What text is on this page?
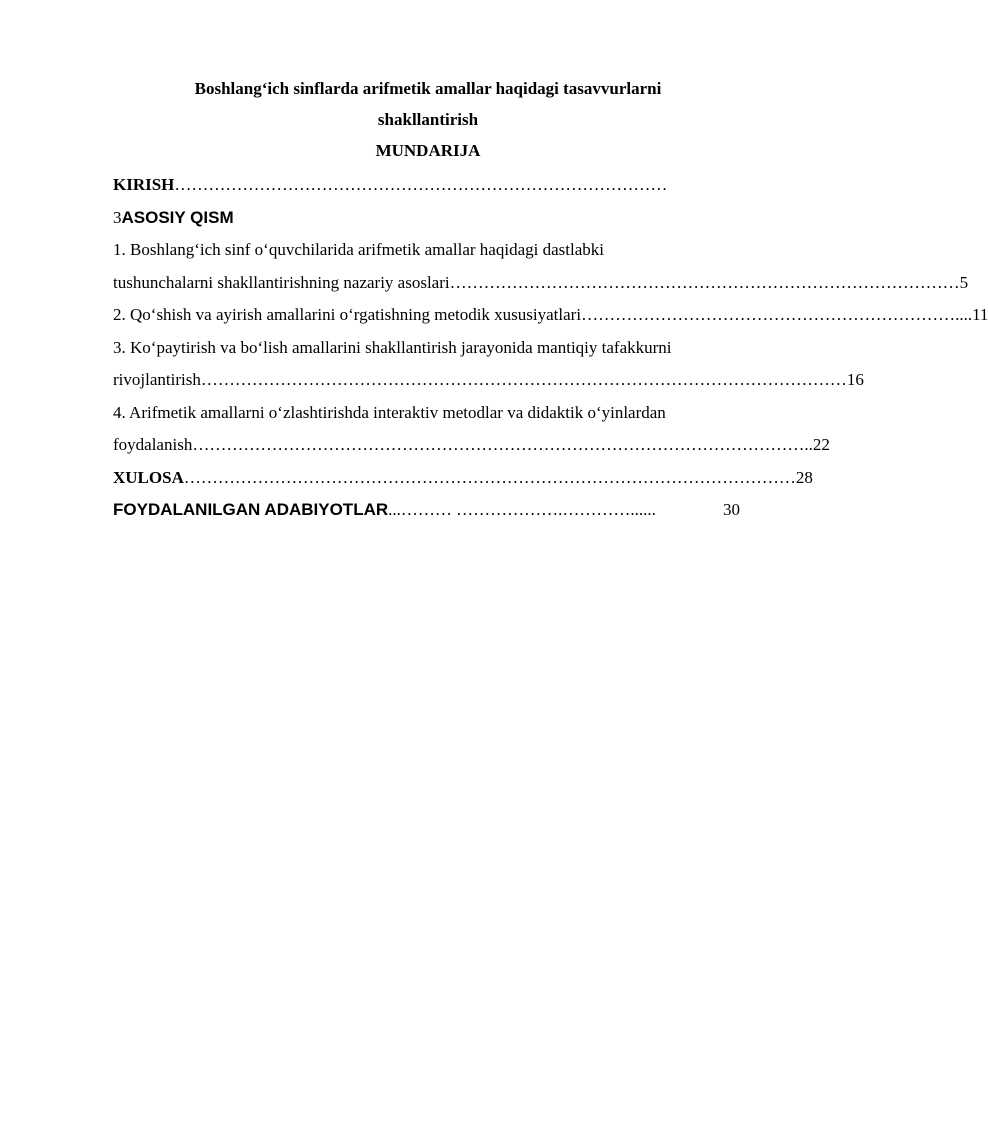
Boshlang‘ich sinflarda arifmetik amallar haqidagi tasavvurlarni
shakllantirish
MUNDARIJA
KIRISH ……………………………………………………………………………
3 ASOSIY QISM
1. Boshlang‘ich sinf o‘quvchilarida arifmetik amallar haqidagi dastlabki
tushunchalarni shakllantirishning nazariy asoslari ……………………………………………………………………………… 5
2. Qo‘shish va ayirish amallarini o‘rgatishning metodik xususiyatlari ………………………………………………………….. ..11
3. Ko‘paytirish va bo‘lish amallarini shakllantirish jarayonida mantiqiy tafakkurni
rivojlantirish …………………………………………………………………………………………………… 16
4. Arifmetik amallarni o‘zlashtirishda interaktiv metodlar va didaktik o‘yinlardan
foydalanish ………………………………………………………………………………………………. .22
XULOSA ……………………………………………………………………………………………… 28
FOYDALANILGAN ADABIYOTLAR ...……… ……………….…………......	30
